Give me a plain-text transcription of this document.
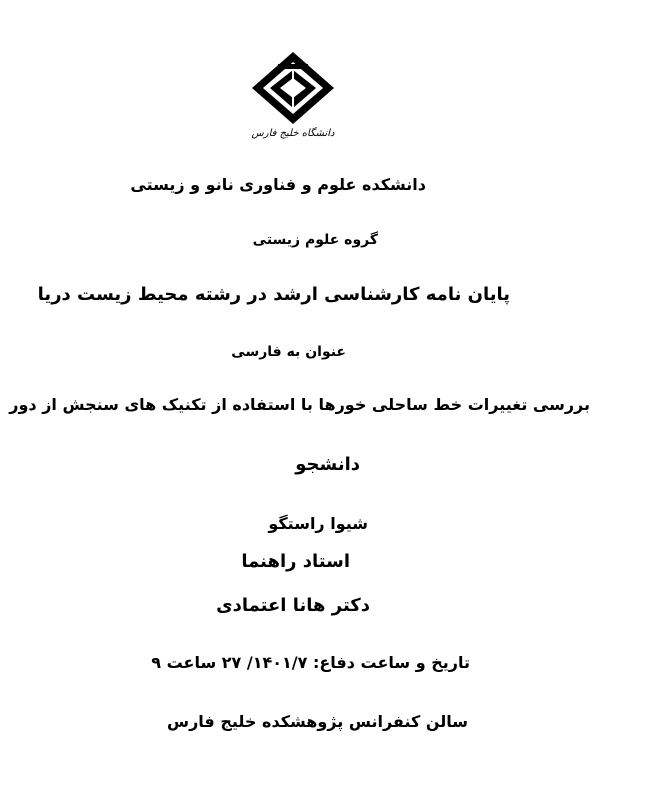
دانشگاه خلیج فارس
دانشکده علوم و فناوری نانو و زیستی
گروه علوم زیستی
پایان نامه کارشناسی ارشد در رشته محیط زیست دریا
عنوان به فارسی
بررسی تغییرات خط ساحلی خورها با استفاده از تکنیک های سنجش از دور
دانشجو
شیوا راستگو
استاد راهنما
دکتر هانا اعتمادی
تاریخ و ساعت دفاع: ۱۴۰۱/۷/ ۲۷ ساعت ۹
سالن کنفرانس پژوهشکده خلیج فارس
